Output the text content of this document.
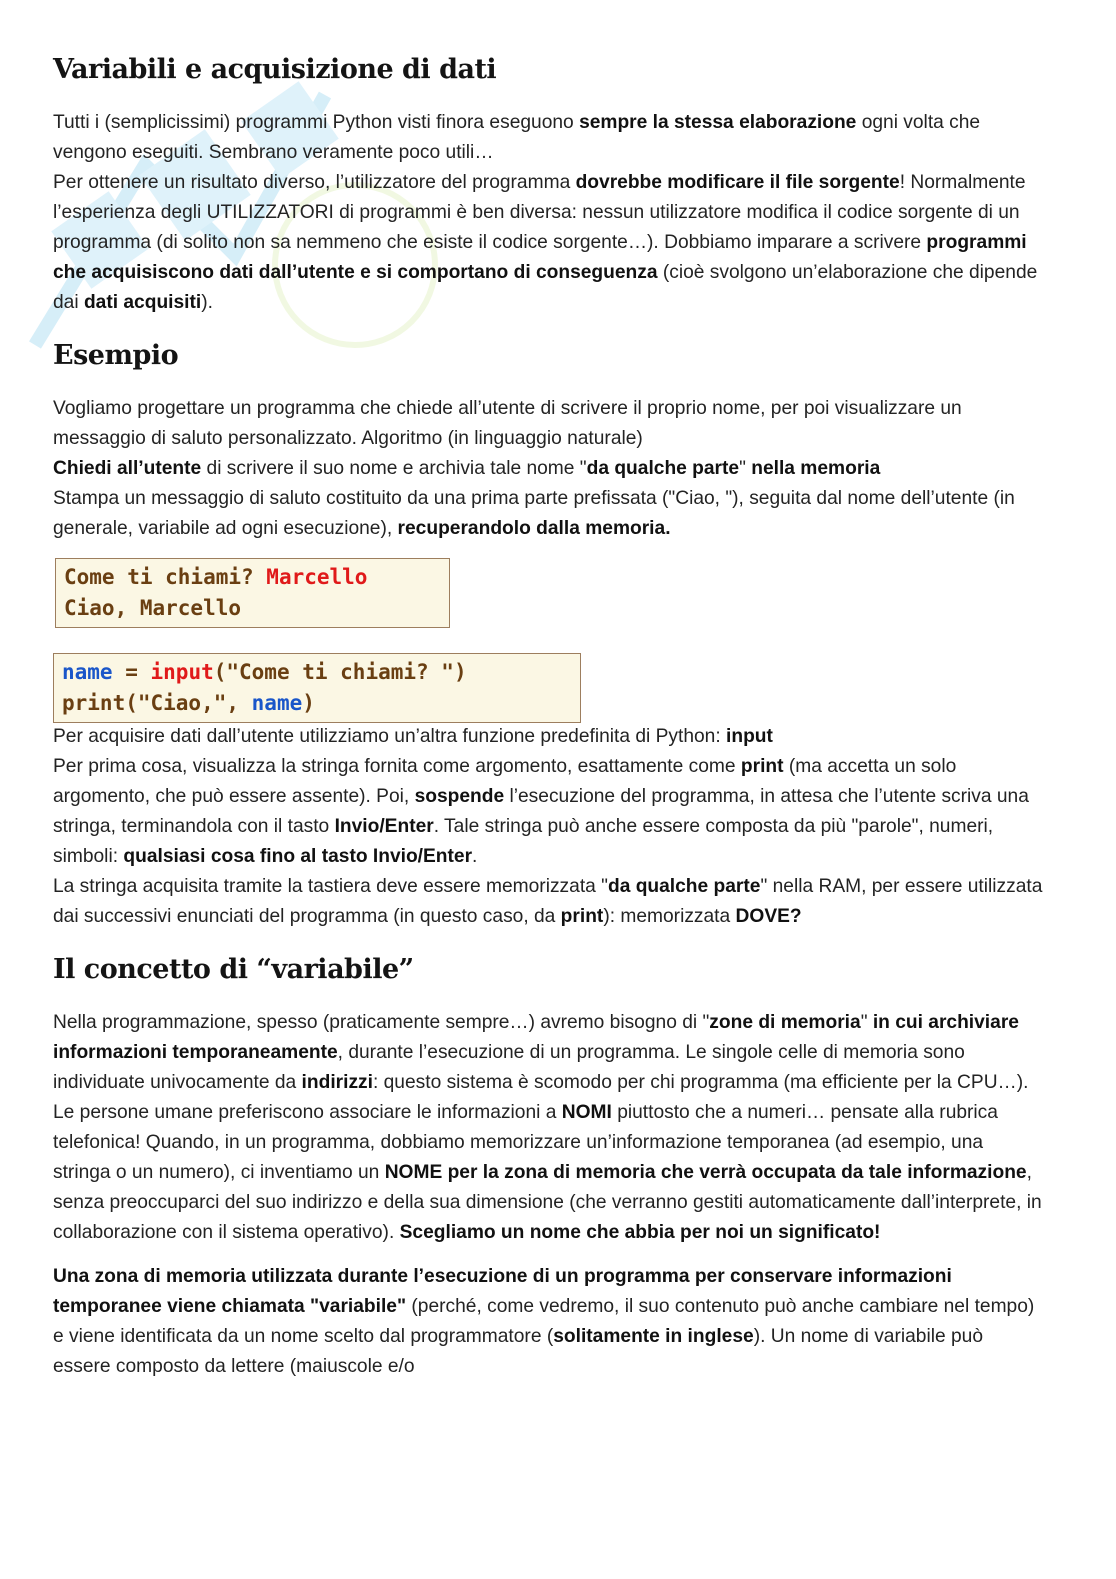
Variabili e acquisizione di dati

Tutti i (semplicissimi) programmi Python visti finora eseguono sempre la stessa elaborazione ogni volta che vengono eseguiti. Sembrano veramente poco utili…
Per ottenere un risultato diverso, l’utilizzatore del programma dovrebbe modificare il file sorgente! Normalmente l’esperienza degli UTILIZZATORI di programmi è ben diversa: nessun utilizzatore modifica il codice sorgente di un programma (di solito non sa nemmeno che esiste il codice sorgente…). Dobbiamo imparare a scrivere programmi che acquisiscono dati dall’utente e si comportano di conseguenza (cioè svolgono un’elaborazione che dipende dai dati acquisiti).

Esempio

Vogliamo progettare un programma che chiede all’utente di scrivere il proprio nome, per poi visualizzare un messaggio di saluto personalizzato. Algoritmo (in linguaggio naturale)
Chiedi all’utente di scrivere il suo nome e archivia tale nome "da qualche parte" nella memoria
Stampa un messaggio di saluto costituito da una prima parte prefissata ("Ciao, "), seguita dal nome dell’utente (in generale, variabile ad ogni esecuzione), recuperandolo dalla memoria.

Per acquisire dati dall’utente utilizziamo un’altra funzione predefinita di Python: input
Per prima cosa, visualizza la stringa fornita come argomento, esattamente come print (ma accetta un solo argomento, che può essere assente). Poi, sospende l’esecuzione del programma, in attesa che l’utente scriva una stringa, terminandola con il tasto Invio/Enter. Tale stringa può anche essere composta da più "parole", numeri, simboli: qualsiasi cosa fino al tasto Invio/Enter.
La stringa acquisita tramite la tastiera deve essere memorizzata "da qualche parte" nella RAM, per essere utilizzata dai successivi enunciati del programma (in questo caso, da print): memorizzata DOVE?

Il concetto di “variabile”

Nella programmazione, spesso (praticamente sempre…) avremo bisogno di "zone di memoria" in cui archiviare informazioni temporaneamente, durante l’esecuzione di un programma. Le singole celle di memoria sono individuate univocamente da indirizzi: questo sistema è scomodo per chi programma (ma efficiente per la CPU…). Le persone umane preferiscono associare le informazioni a NOMI piuttosto che a numeri… pensate alla rubrica telefonica! Quando, in un programma, dobbiamo memorizzare un’informazione temporanea (ad esempio, una stringa o un numero), ci inventiamo un NOME per la zona di memoria che verrà occupata da tale informazione, senza preoccuparci del suo indirizzo e della sua dimensione (che verranno gestiti automaticamente dall’interprete, in collaborazione con il sistema operativo). Scegliamo un nome che abbia per noi un significato!

Una zona di memoria utilizzata durante l’esecuzione di un programma per conservare informazioni temporanee viene chiamata "variabile" (perché, come vedremo, il suo contenuto può anche cambiare nel tempo) e viene identificata da un nome scelto dal programmatore (solitamente in inglese). Un nome di variabile può essere composto da lettere (maiuscole e/o

Come ti chiami? Marcello
Ciao, Marcello
name = input("Come ti chiami? ")
print("Ciao,", name)
